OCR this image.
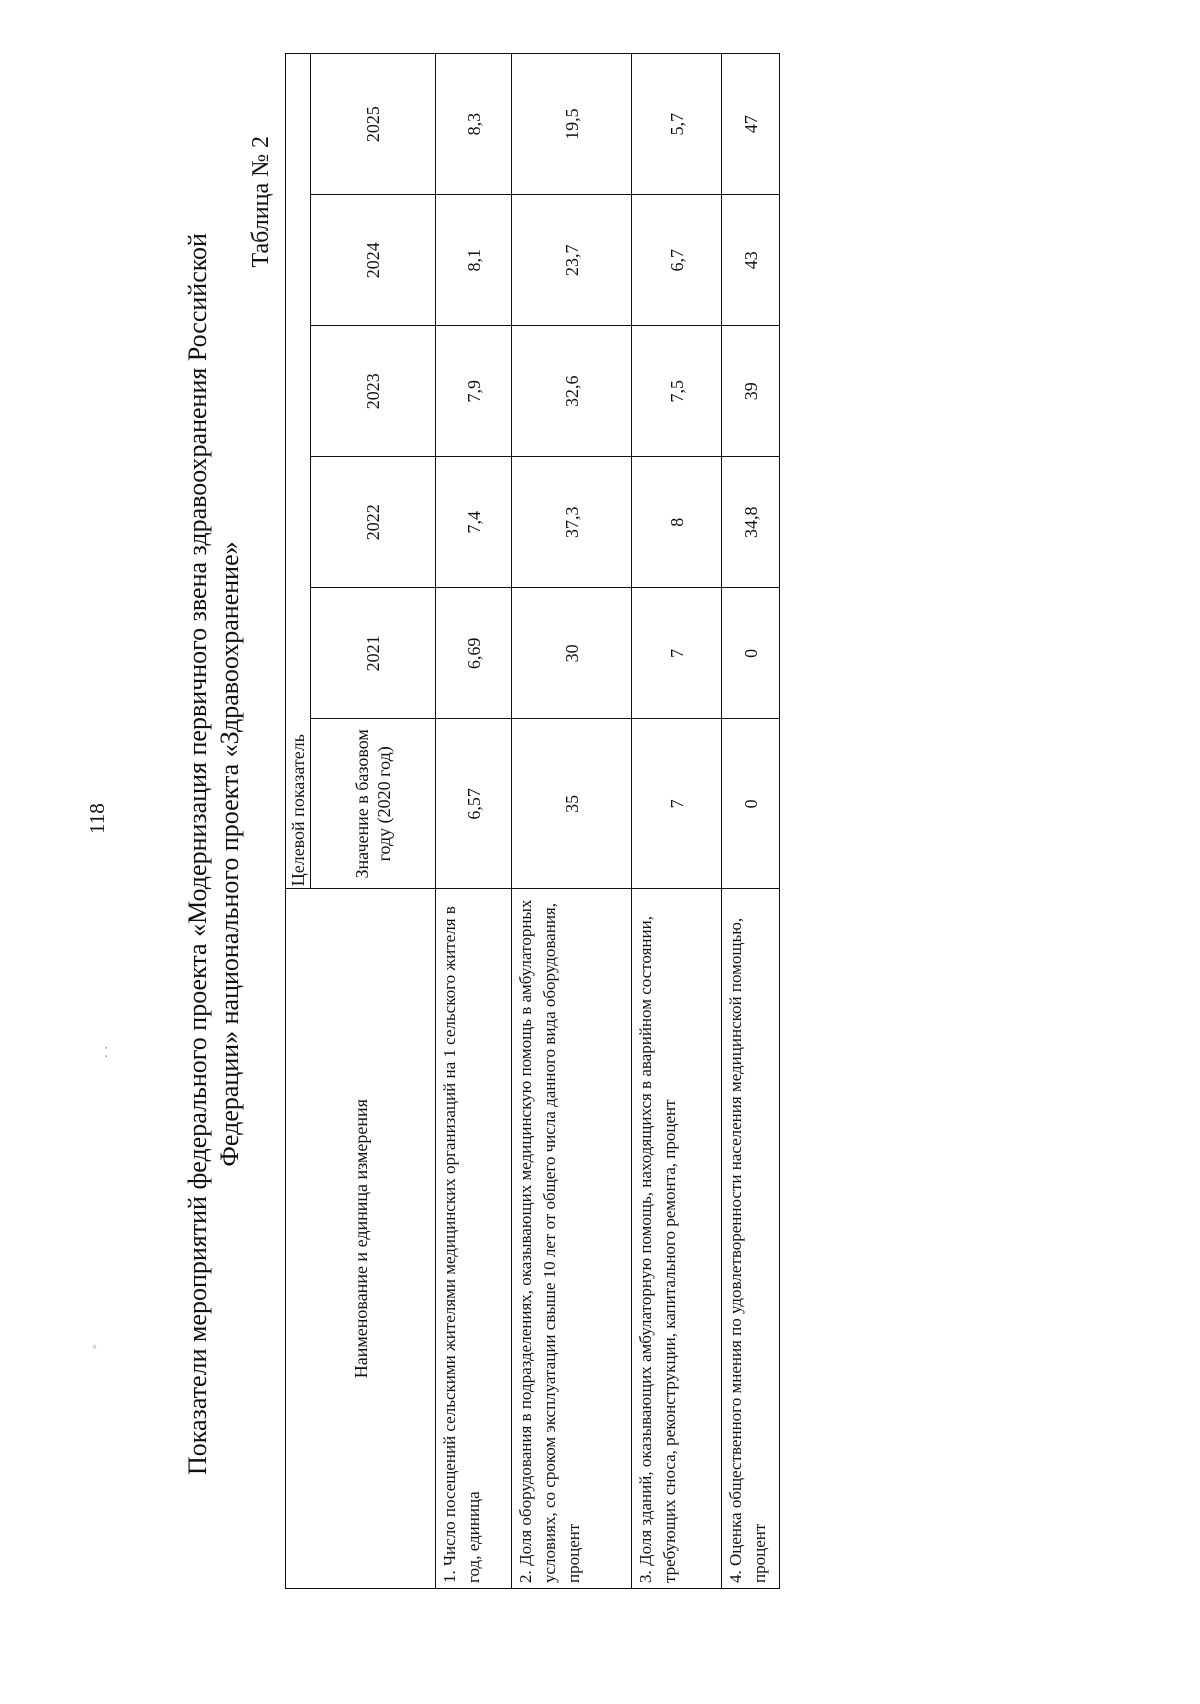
◦
⁚
118	Показатели мероприятий федерального проекта «Модернизация первичного звена здравоохранения Российской Федерации» национального проекта «Здравоохранение»
Таблица № 2
Наименование и единица измерения	Целевой показатель					
	Значение в базовом году (2020 год)	2021	2022	2023	2024	2025
1. Число посещений сельскими жителями медицинских организаций на 1 сельского жителя в год, единица	6,57	6,69	7,4	7,9	8,1	8,3
2. Доля оборудования в подразделениях, оказывающих медицинскую помощь в амбулаторных условиях, со сроком эксплуатации свыше 10 лет от общего числа данного вида оборудования, процент	35	30	37,3	32,6	23,7	19,5
3. Доля зданий, оказывающих амбулаторную помощь, находящихся в аварийном состоянии, требующих сноса, реконструкции, капитального ремонта, процент	7	7	8	7,5	6,7	5,7
4. Оценка общественного мнения по удовлетворенности населения медицинской помощью, процент	0	0	34,8	39	43	47
